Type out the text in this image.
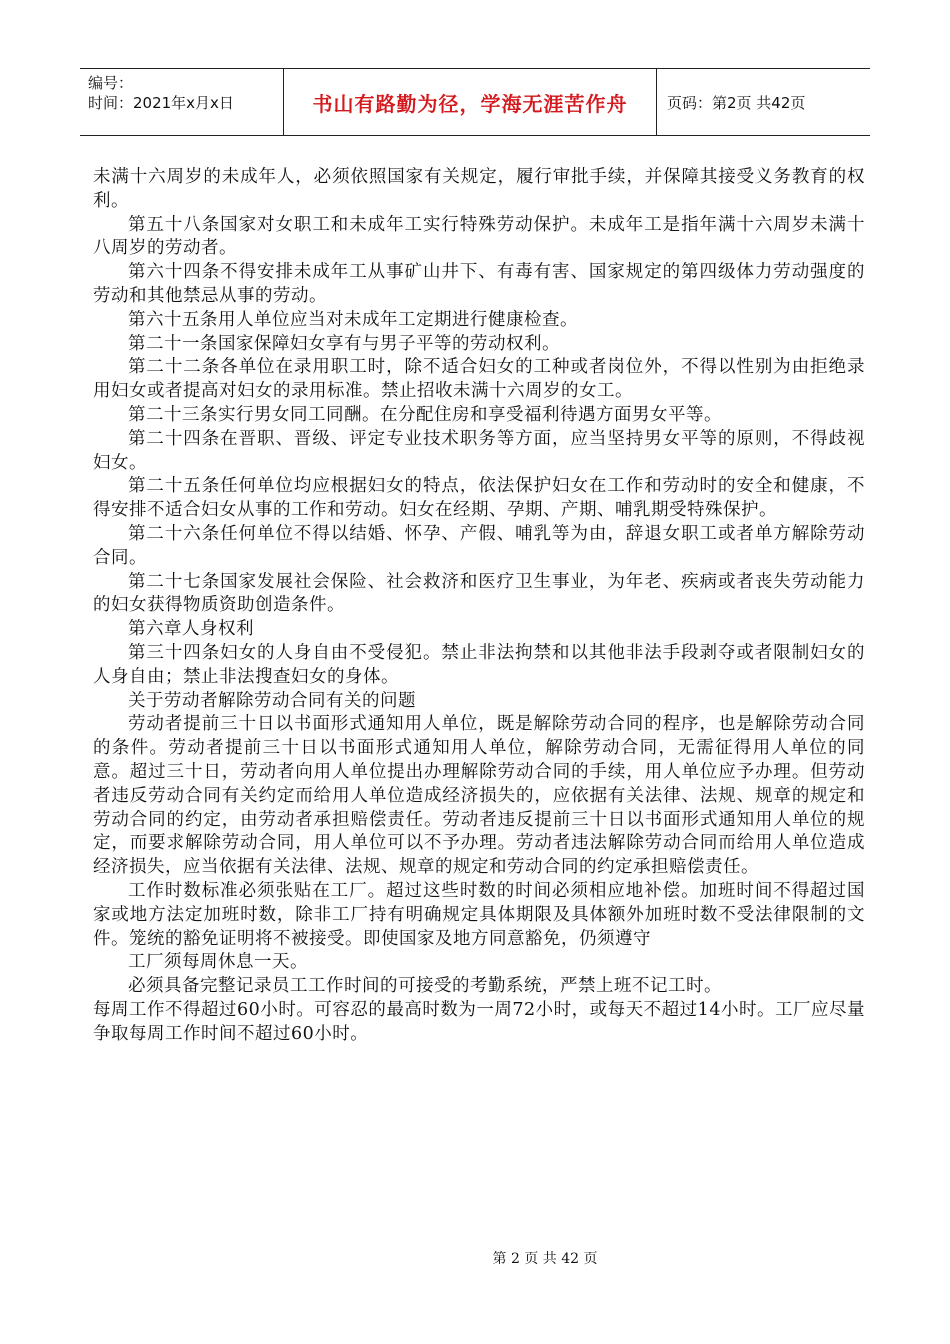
编号：
时间：2021年x月x日	书山有路勤为径，学海无涯苦作舟	页码：第2页 共42页

未满十六周岁的未成年人，必须依照国家有关规定，履行审批手续，并保障其接受义务教育的权利。

第五十八条国家对女职工和未成年工实行特殊劳动保护。未成年工是指年满十六周岁未满十八周岁的劳动者。

第六十四条不得安排未成年工从事矿山井下、有毒有害、国家规定的第四级体力劳动强度的劳动和其他禁忌从事的劳动。

第六十五条用人单位应当对未成年工定期进行健康检查。

第二十一条国家保障妇女享有与男子平等的劳动权利。

第二十二条各单位在录用职工时，除不适合妇女的工种或者岗位外，不得以性别为由拒绝录用妇女或者提高对妇女的录用标准。禁止招收未满十六周岁的女工。

第二十三条实行男女同工同酬。在分配住房和享受福利待遇方面男女平等。

第二十四条在晋职、晋级、评定专业技术职务等方面，应当坚持男女平等的原则，不得歧视妇女。

第二十五条任何单位均应根据妇女的特点，依法保护妇女在工作和劳动时的安全和健康，不得安排不适合妇女从事的工作和劳动。妇女在经期、孕期、产期、哺乳期受特殊保护。

第二十六条任何单位不得以结婚、怀孕、产假、哺乳等为由，辞退女职工或者单方解除劳动合同。

第二十七条国家发展社会保险、社会救济和医疗卫生事业，为年老、疾病或者丧失劳动能力的妇女获得物质资助创造条件。

第六章人身权利

第三十四条妇女的人身自由不受侵犯。禁止非法拘禁和以其他非法手段剥夺或者限制妇女的人身自由；禁止非法搜查妇女的身体。

关于劳动者解除劳动合同有关的问题

劳动者提前三十日以书面形式通知用人单位，既是解除劳动合同的程序，也是解除劳动合同的条件。劳动者提前三十日以书面形式通知用人单位，解除劳动合同，无需征得用人单位的同意。超过三十日，劳动者向用人单位提出办理解除劳动合同的手续，用人单位应予办理。但劳动者违反劳动合同有关约定而给用人单位造成经济损失的，应依据有关法律、法规、规章的规定和劳动合同的约定，由劳动者承担赔偿责任。劳动者违反提前三十日以书面形式通知用人单位的规定，而要求解除劳动合同，用人单位可以不予办理。劳动者违法解除劳动合同而给用人单位造成经济损失，应当依据有关法律、法规、规章的规定和劳动合同的约定承担赔偿责任。

工作时数标准必须张贴在工厂。超过这些时数的时间必须相应地补偿。加班时间不得超过国家或地方法定加班时数，除非工厂持有明确规定具体期限及具体额外加班时数不受法律限制的文件。笼统的豁免证明将不被接受。即使国家及地方同意豁免，仍须遵守

工厂须每周休息一天。

必须具备完整记录员工工作时间的可接受的考勤系统，严禁上班不记工时。

每周工作不得超过60小时。可容忍的最高时数为一周72小时，或每天不超过14小时。工厂应尽量争取每周工作时间不超过60小时。

第 2 页 共 42 页
